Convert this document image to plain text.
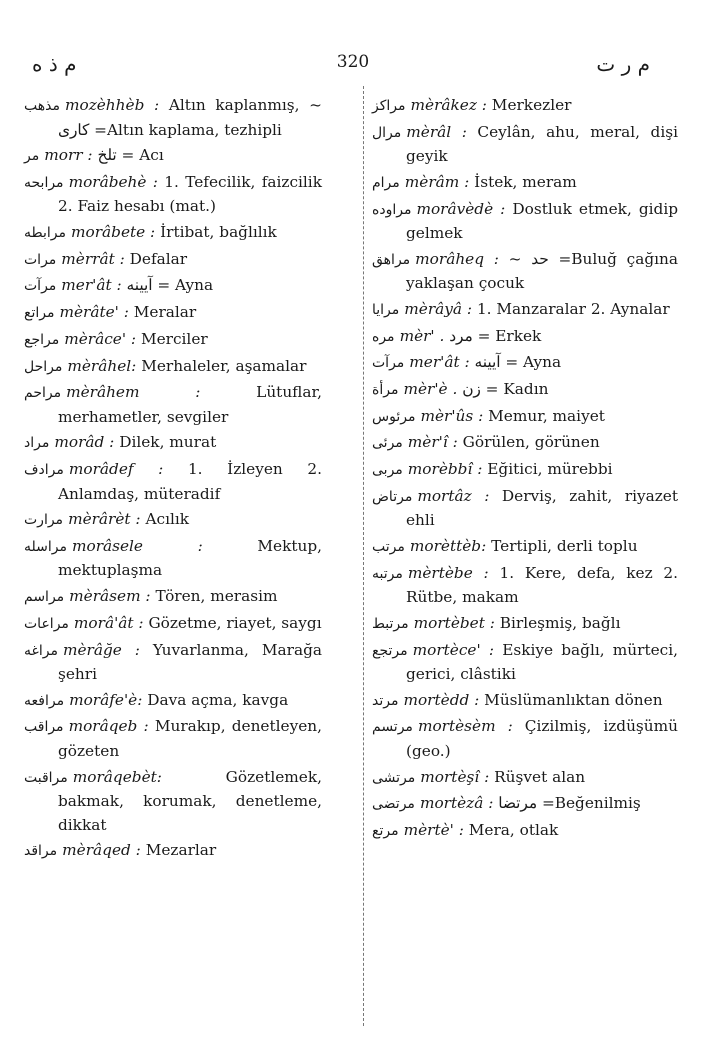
م ذ ه	320	م ر ت

مذهب mozèhhèb : Altın kaplanmış, ~ کاری =Altın kaplama, tezhipli

مر morr : تلخ = Acı

مرابحه morâbehè : 1. Tefecilik, faizcilik 2. Faiz hesabı (mat.)

مرابطه morâbete : İrtibat, bağlılık

مرات mèrrât : Defalar

مرآت mer'ât : آیینه = Ayna

مراتع mèrâte' : Meralar

مراجع mèrâce' : Merciler

مراحل mèrâhel: Merhaleler, aşamalar

مراحم mèrâhem :	Lütuflar, merhametler, sevgiler

مراد morâd : Dilek, murat

مرادف morâdef : 1. İzleyen 2. Anlamdaş, müteradif

مرارت mèrârèt : Acılık

مراسله morâsele :	Mektup, mektuplaşma

مراسم mèrâsem : Tören, merasim

مراعات morâ'ât : Gözetme, riayet, saygı

مراغه mèrâğe : Yuvarlanma, Marağa şehri

مرافعه morâfe'è: Dava açma, kavga

مراقب morâqeb : Murakıp, denetleyen, gözeten

مراقبت morâqebèt:	Gözetlemek, bakmak, korumak, denetleme, dikkat

مراقد mèrâqed : Mezarlar

مراکز mèrâkez : Merkezler

مرال mèrâl : Ceylân, ahu, meral, dişi geyik

مرام mèrâm : İstek, meram

مراوده morâvèdè : Dostluk etmek, gidip gelmek

مراهق morâheq : ~ حد =Buluğ çağına yaklaşan çocuk

مرایا mèrâyâ : 1. Manzaralar 2. Aynalar

مره mèr' . مرد = Erkek

مرآت mer'ât : آیینه = Ayna

مرأة mèr'è . زن = Kadın

مرئوس mèr'ûs : Memur, maiyet

مرئی mèr'î : Görülen, görünen

مربی morèbbî : Eğitici, mürebbi

مرتاض mortâz : Derviş, zahit, riyazet ehli

مرتب morèttèb: Tertipli, derli toplu

مرتبه mèrtèbe : 1. Kere, defa, kez 2. Rütbe, makam

مرتبط mortèbet : Birleşmiş, bağlı

مرتجع mortèce' : Eskiye bağlı, mürteci, gerici, clâstiki

مرتد mortèdd : Müslümanlıktan dönen

مرتسم mortèsèm : Çizilmiş, izdüşümü (geo.)

مرتشی mortèşî : Rüşvet alan

مرتضی mortèzâ : مرتضا =Beğenilmiş

مرتع mèrtè' : Mera, otlak
